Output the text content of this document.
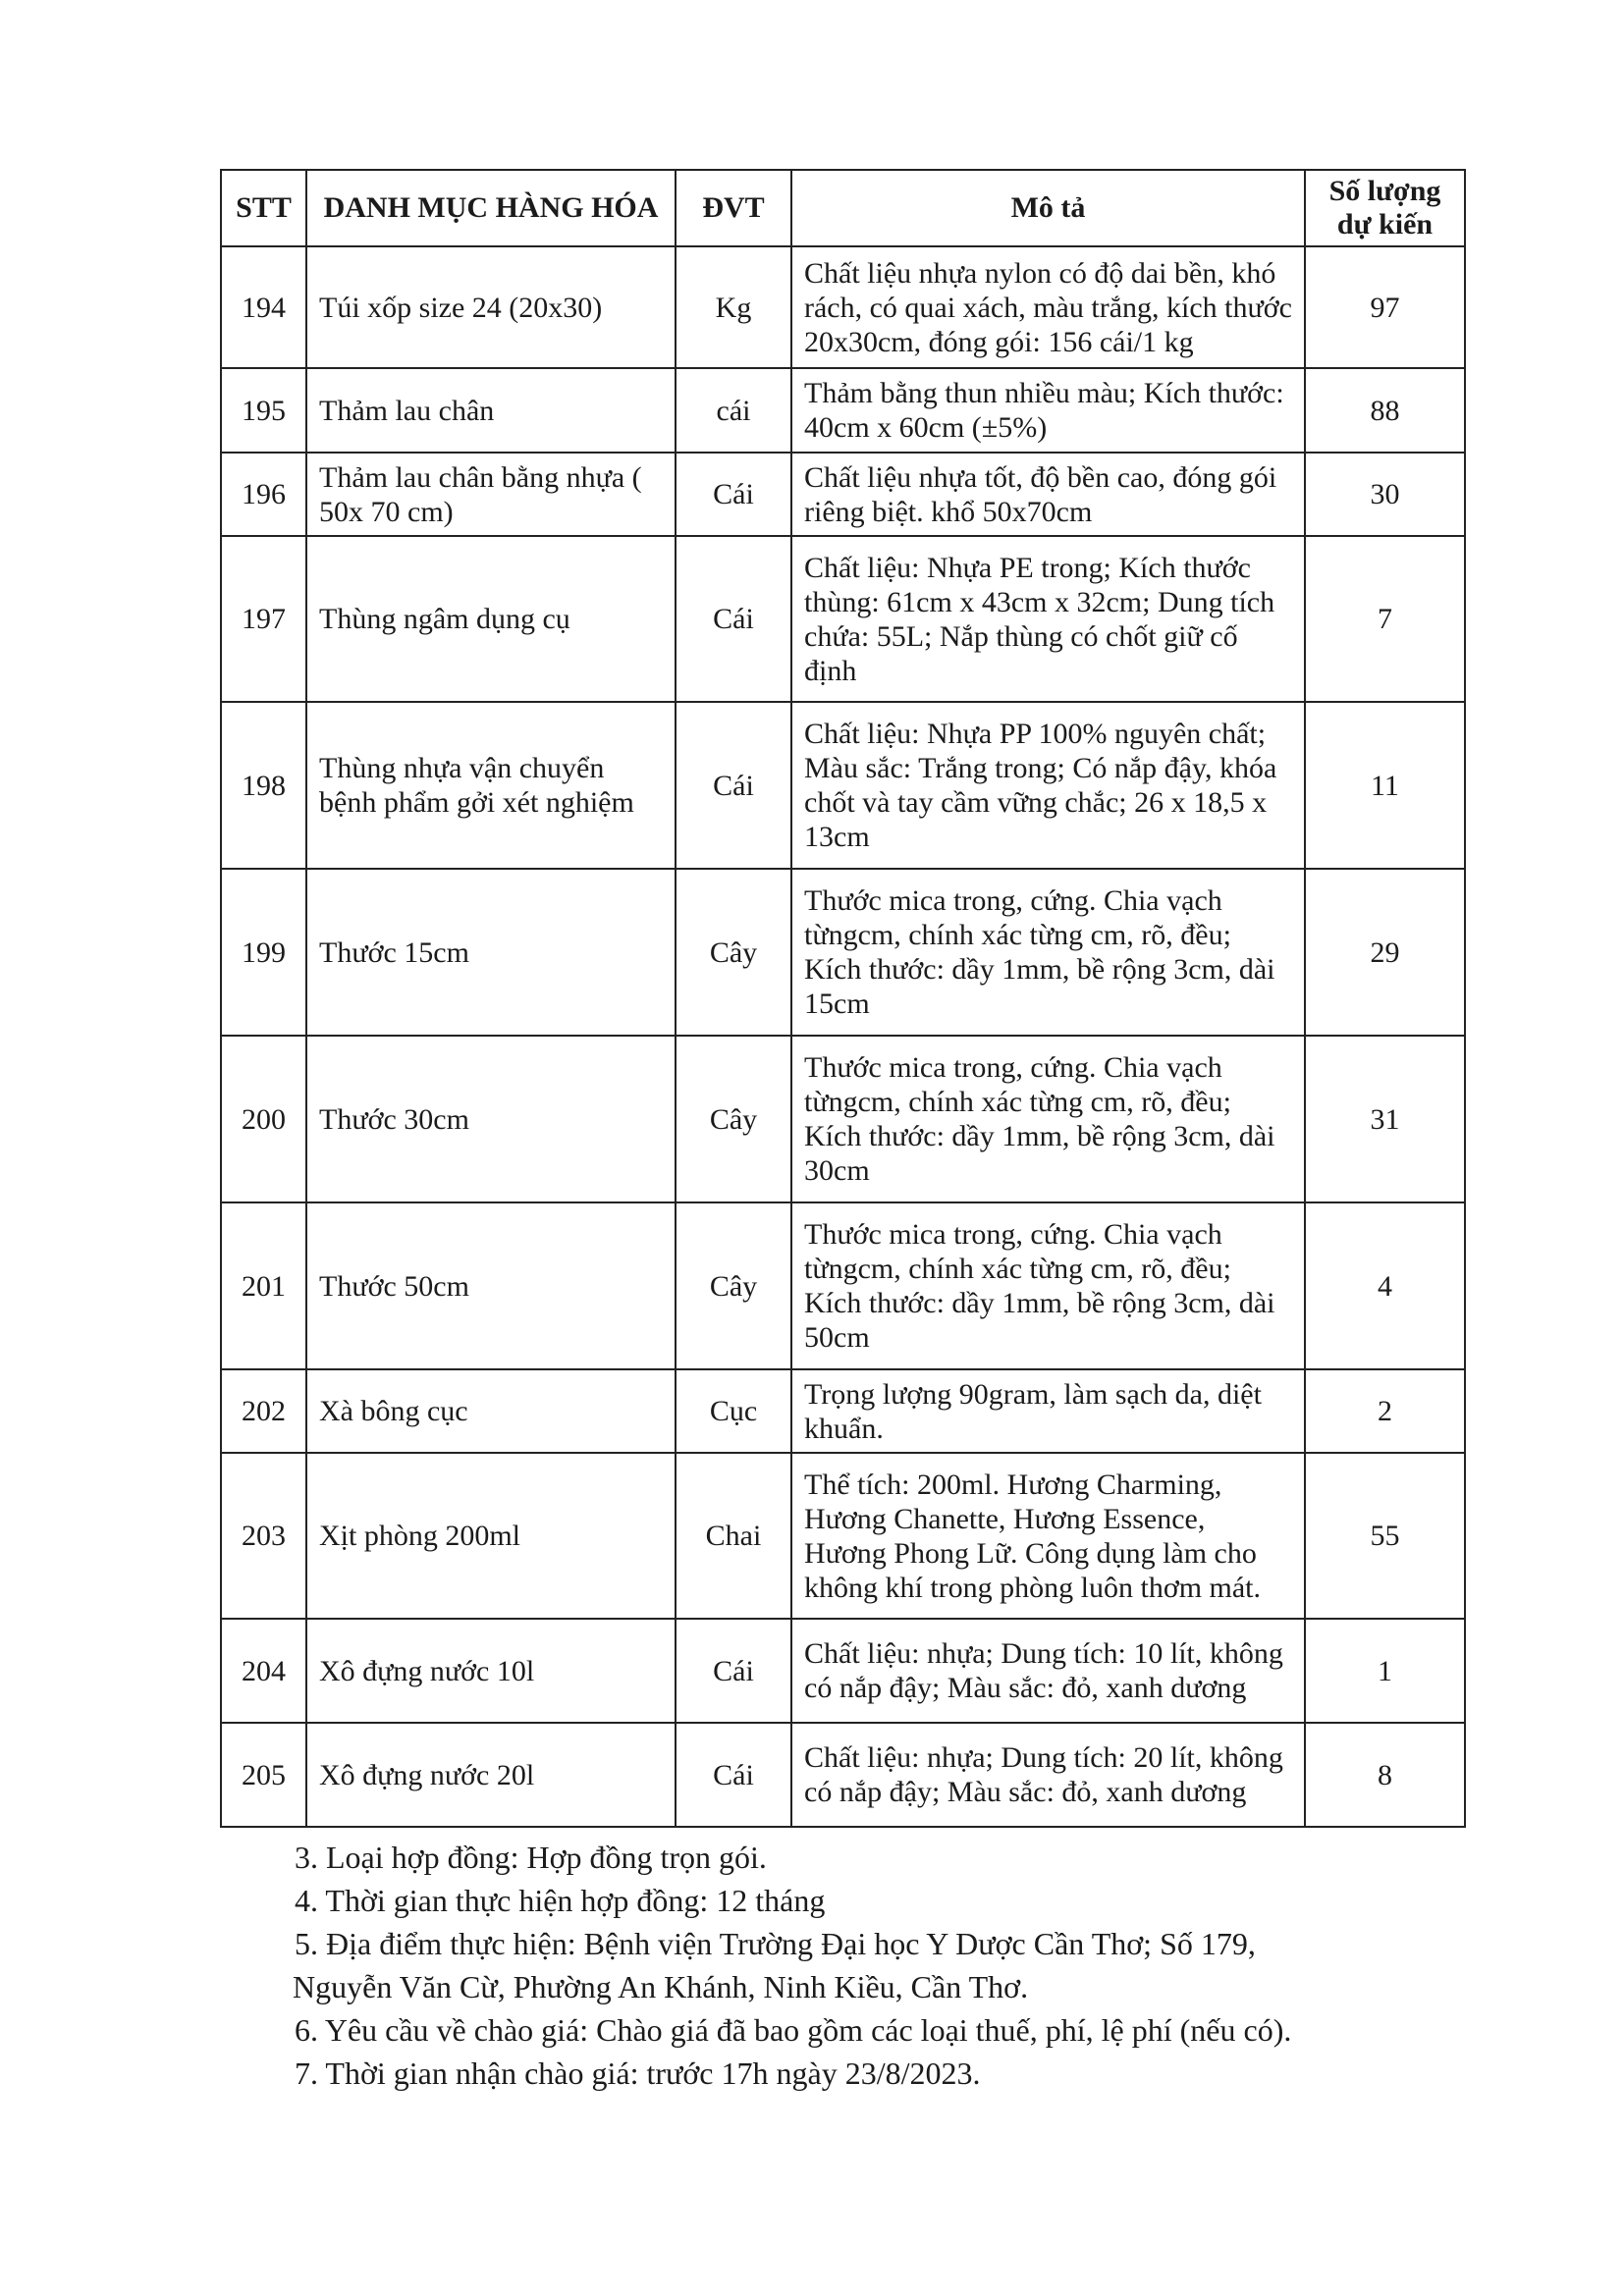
STT	DANH MỤC HÀNG HÓA	ĐVT	Mô tả	Số lượng
dự kiến
194	Túi xốp size 24 (20x30)	Kg	Chất liệu nhựa nylon có độ dai bền, khó rách, có quai xách, màu trắng, kích thước 20x30cm, đóng gói: 156 cái/1 kg	97
195	Thảm lau chân	cái	Thảm bằng thun nhiều màu; Kích thước: 40cm x 60cm (±5%)	88
196	Thảm lau chân bằng nhựa ( 50x 70 cm)	Cái	Chất liệu nhựa tốt, độ bền cao, đóng gói riêng biệt. khổ 50x70cm	30
197	Thùng ngâm dụng cụ	Cái	Chất liệu: Nhựa PE trong; Kích thước thùng: 61cm x 43cm x 32cm; Dung tích chứa: 55L; Nắp thùng có chốt giữ cố định	7
198	Thùng nhựa vận chuyển bệnh phẩm gởi xét nghiệm	Cái	Chất liệu: Nhựa PP 100% nguyên chất; Màu sắc: Trắng trong; Có nắp đậy, khóa chốt và tay cầm vững chắc; 26 x 18,5 x 13cm	11
199	Thước 15cm	Cây	Thước mica trong, cứng. Chia vạch từngcm, chính xác từng cm, rõ, đều; Kích thước: dầy 1mm, bề rộng 3cm, dài 15cm	29
200	Thước 30cm	Cây	Thước mica trong, cứng. Chia vạch từngcm, chính xác từng cm, rõ, đều; Kích thước: dầy 1mm, bề rộng 3cm, dài 30cm	31
201	Thước 50cm	Cây	Thước mica trong, cứng. Chia vạch từngcm, chính xác từng cm, rõ, đều; Kích thước: dầy 1mm, bề rộng 3cm, dài 50cm	4
202	Xà bông cục	Cục	Trọng lượng 90gram, làm sạch da, diệt khuẩn.	2
203	Xịt phòng 200ml	Chai	Thể tích: 200ml. Hương Charming, Hương Chanette, Hương Essence, Hương Phong Lữ. Công dụng làm cho không khí trong phòng luôn thơm mát.	55
204	Xô đựng nước 10l	Cái	Chất liệu: nhựa; Dung tích: 10 lít, không có nắp đậy; Màu sắc: đỏ, xanh dương	1
205	Xô đựng nước 20l	Cái	Chất liệu: nhựa; Dung tích: 20 lít, không có nắp đậy; Màu sắc: đỏ, xanh dương	8

3. Loại hợp đồng: Hợp đồng trọn gói.

4. Thời gian thực hiện hợp đồng: 12 tháng

5. Địa điểm thực hiện: Bệnh viện Trường Đại học Y Dược Cần Thơ; Số 179,

Nguyễn Văn Cừ, Phường An Khánh, Ninh Kiều, Cần Thơ.

6. Yêu cầu về chào giá: Chào giá đã bao gồm các loại thuế, phí, lệ phí (nếu có).

7. Thời gian nhận chào giá: trước 17h ngày 23/8/2023.
